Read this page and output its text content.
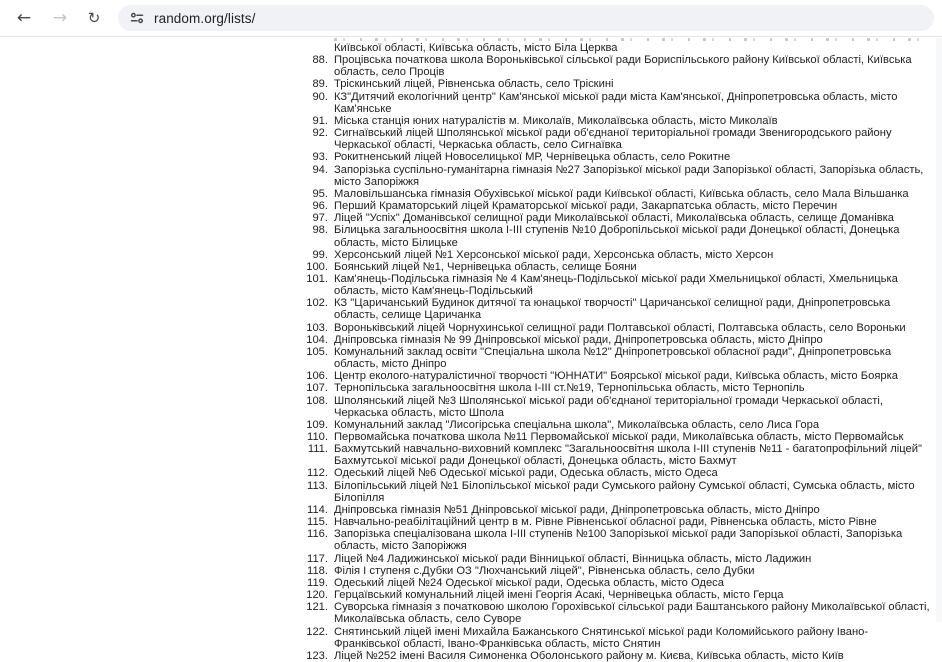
←	→	↻	random.org/lists/
Київської області, Київська область, місто Біла Церква
88. Процівська початкова школа Вороньківської сільської ради Бориспільського району Київської області, Київська область, село Проців
89. Тріскинський ліцей, Рівненська область, село Тріскині
90. КЗ"Дитячий екологічний центр" Кам'янської міської ради міста Кам'янської, Дніпропетровська область, місто Кам'янське
91. Міська станція юних натуралістів м. Миколаїв, Миколаївська область, місто Миколаїв
92. Сигнаївський ліцей Шполянської міської ради об'єднаної територіальної громади Звенигородського району Черкаської області, Черкаська область, село Сигнаївка
93. Рокитненський ліцей Новоселицької МР, Чернівецька область, село Рокитне
94. Запорізька суспільно-гуманітарна гімназія №27 Запорізької міської ради Запорізької області, Запорізька область, місто Запоріжжя
95. Маловільшанська гімназія Обухівської міської ради Київської області, Київська область, село Мала Вільшанка
96. Перший Краматорський ліцей Краматорської міської ради, Закарпатська область, місто Перечин
97. Ліцей "Успіх" Доманівської селищної ради Миколаївської області, Миколаївська область, селище Доманівка
98. Білицька загальноосвітня школа I-III ступенів №10 Добропільської міської ради Донецької області, Донецька область, місто Білицьке
99. Херсонський ліцей №1 Херсонської міської ради, Херсонська область, місто Херсон
100. Боянський ліцей №1, Чернівецька область, селище Бояни
101. Кам'янець-Подільська гімназія № 4 Кам'янець-Подільської міської ради Хмельницької області, Хмельницька область, місто Кам'янець-Подільський
102. КЗ "Царичанський Будинок дитячої та юнацької творчості" Царичанської селищної ради, Дніпропетровська область, селище Царичанка
103. Вороньківський ліцей Чорнухинської селищної ради Полтавської області, Полтавська область, село Вороньки
104. Дніпровська гімназія № 99 Дніпровської міської ради, Дніпропетровська область, місто Дніпро
105. Комунальний заклад освіти "Спеціальна школа №12" Дніпропетровської обласної ради", Дніпропетровська область, місто Дніпро
106. Центр еколого-натуралістичної творчості "ЮННАТИ" Боярської міської ради, Київська область, місто Боярка
107. Тернопільська загальноосвітня школа I-III ст.№19, Тернопільська область, місто Тернопіль
108. Шполянський ліцей №3 Шполянської міської ради об'єднаної територіальної громади Черкаської області, Черкаська область, місто Шпола
109. Комунальний заклад "Лисогірська спеціальна школа", Миколаївська область, село Лиса Гора
110. Первомайська початкова школа №11 Первомайської міської ради, Миколаївська область, місто Первомайськ
111. Бахмутський навчально-виховний комплекс "Загальноосвітня школа I-III ступенів №11 - багатопрофільний ліцей" Бахмутської міської ради Донецької області, Донецька область, місто Бахмут
112. Одеський ліцей №6 Одеської міської ради, Одеська область, місто Одеса
113. Білопільський ліцей №1 Білопільської міської ради Сумського району Сумської області, Сумська область, місто Білопілля
114. Дніпровська гімназія №51 Дніпровської міської ради, Дніпропетровська область, місто Дніпро
115. Навчально-реабілітаційний центр в м. Рівне Рівненської обласної ради, Рівненська область, місто Рівне
116. Запорізька спеціалізована школа I-III ступенів №100 Запорізької міської ради Запорізької області, Запорізька область, місто Запоріжжя
117. Ліцей №4 Ладижинської міської ради Вінницької області, Вінницька область, місто Ладижин
118. Філія I ступеня с.Дубки ОЗ "Люхчанський ліцей", Рівненська область, село Дубки
119. Одеський ліцей №24 Одеської міської ради, Одеська область, місто Одеса
120. Герцаївський комунальний ліцей імені Георгія Асакі, Чернівецька область, місто Герца
121. Суворська гімназія з початковою школою Горохівської сільської ради Баштанського району Миколаївської області, Миколаївська область, село Суворе
122. Снятинський ліцей імені Михайла Бажанського Снятинської міської ради Коломийського району Івано-Франківської області, Івано-Франківська область, місто Снятин
123. Ліцей №252 імені Василя Симоненка Оболонського району м. Києва, Київська область, місто Київ
